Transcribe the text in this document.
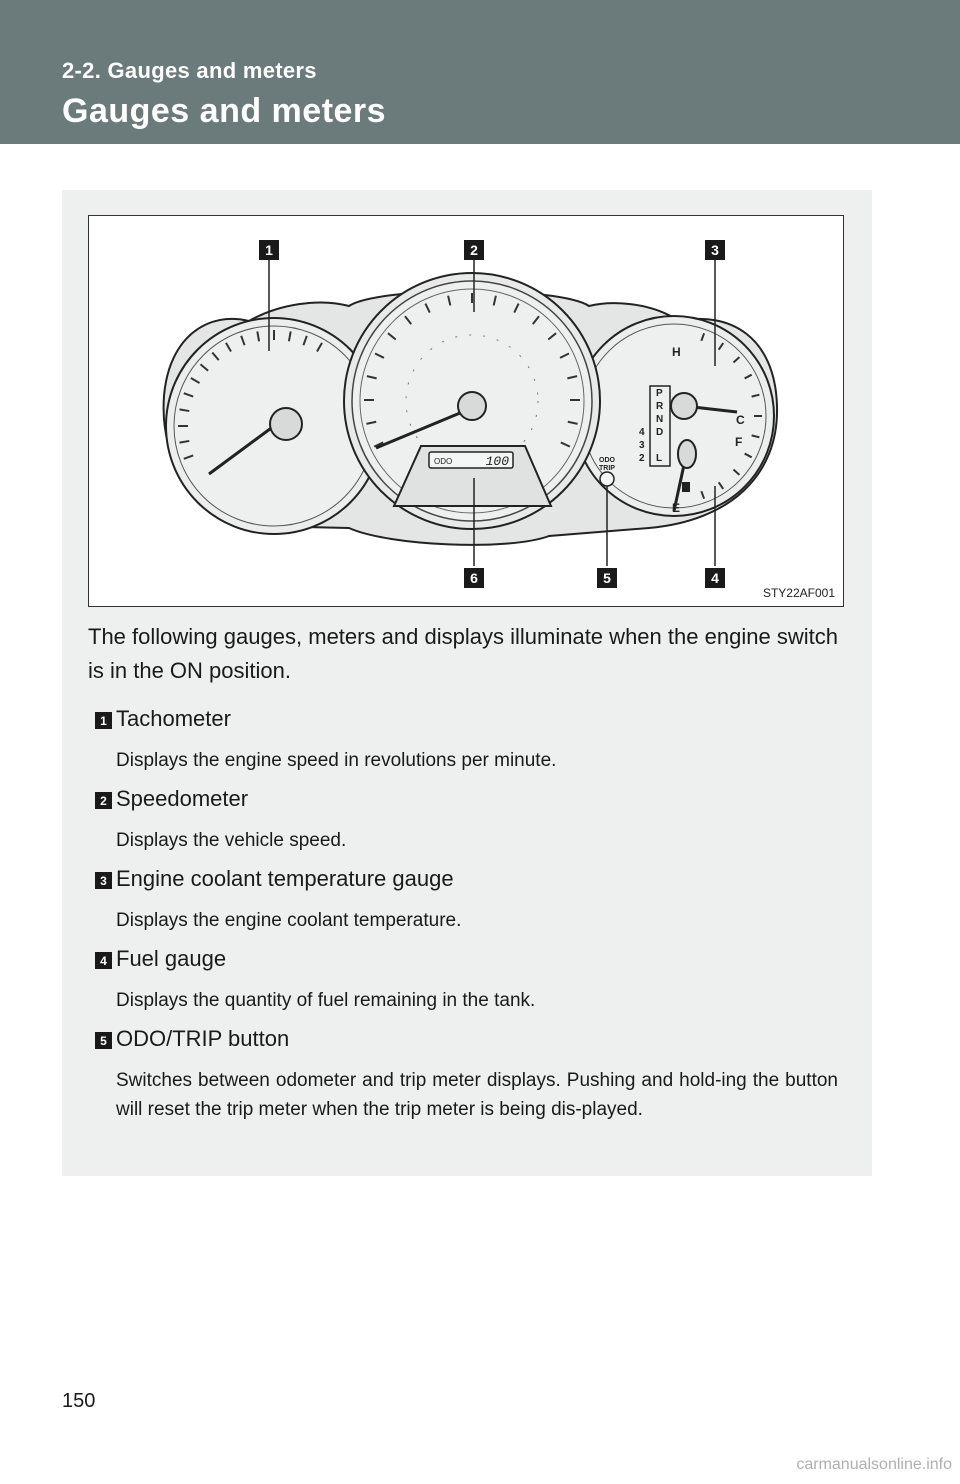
2-2. Gauges and meters
Gauges and meters
P
R
N
D
L
4
3
2
H
C
F
E
ODO	100	ODO
TRIP
1	2	3
6	5	4
STY22AF001
The following gauges, meters and displays illuminate when the engine switch is in the ON position.
1 Tachometer
Displays the engine speed in revolutions per minute.
2 Speedometer
Displays the vehicle speed.
3 Engine coolant temperature gauge
Displays the engine coolant temperature.
4 Fuel gauge
Displays the quantity of fuel remaining in the tank.
5 ODO/TRIP button
Switches between odometer and trip meter displays. Pushing and hold-ing the button will reset the trip meter when the trip meter is being dis-played.
150
carmanualsonline.info
